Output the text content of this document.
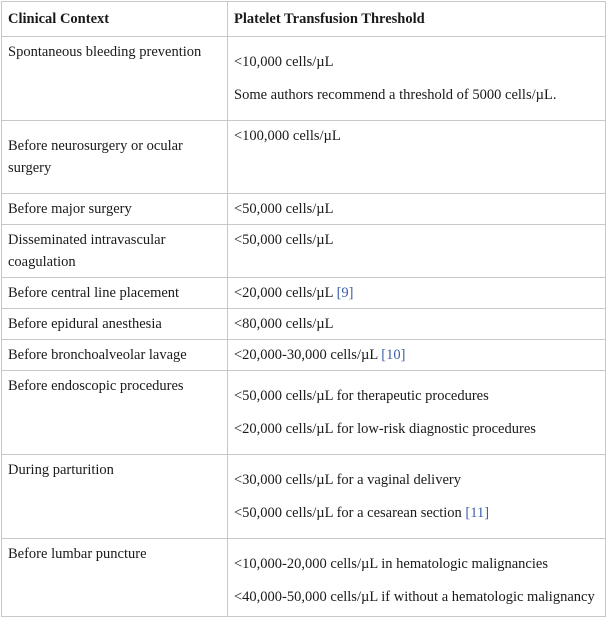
Clinical Context	Platelet Transfusion Threshold
Spontaneous bleeding prevention	<10,000 cells/µL

Some authors recommend a threshold of 5000 cells/µL.

Before neurosurgery or ocular surgery	<100,000 cells/µL

Before major surgery	<50,000 cells/µL

Disseminated intravascular coagulation	<50,000 cells/µL

Before central line placement	<20,000 cells/µL [9]

Before epidural anesthesia	<80,000 cells/µL

Before bronchoalveolar lavage	<20,000-30,000 cells/µL [10]

Before endoscopic procedures	<50,000 cells/µL for therapeutic procedures

<20,000 cells/µL for low-risk diagnostic procedures

During parturition	<30,000 cells/µL for a vaginal delivery

<50,000 cells/µL for a cesarean section [11]

Before lumbar puncture	<10,000-20,000 cells/µL in hematologic malignancies

<40,000-50,000 cells/µL if without a hematologic malignancy
